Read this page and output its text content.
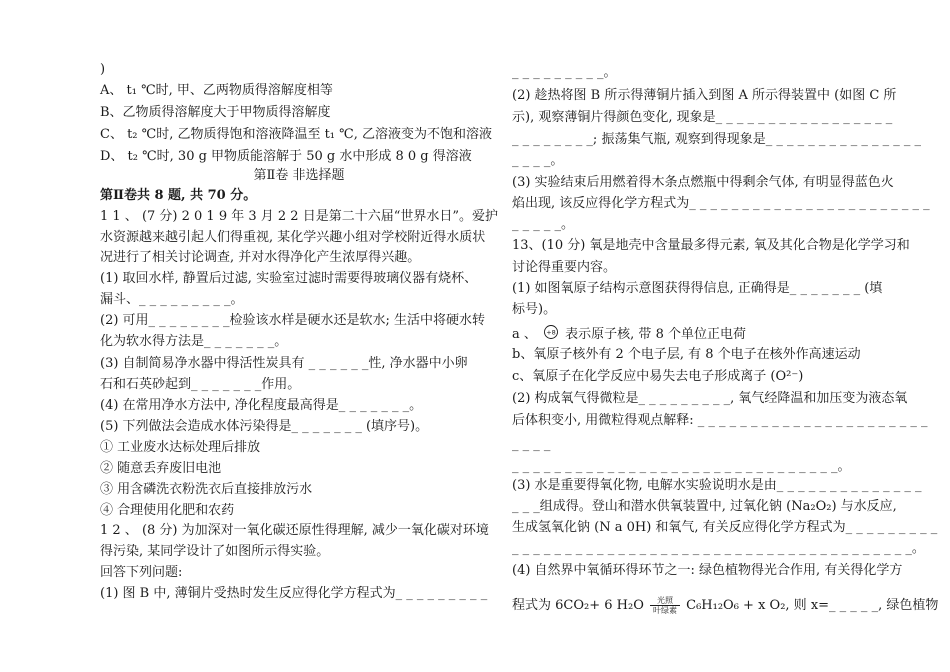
)
A、 t₁ ℃时, 甲、乙两物质得溶解度相等
B、乙物质得溶解度大于甲物质得溶解度
C、 t₂ ℃时, 乙物质得饱和溶液降温至 t₁ ℃, 乙溶液变为不饱和溶液
D、 t₂ ℃时, 30 g 甲物质能溶解于 50 g 水中形成 8 0 g 得溶液
第Ⅱ卷 非选择题
第Ⅱ卷共 8 题, 共 70 分。
1 1 、 (7 分) 2 0 1 9 年 3 月 2 2 日是第二十六届“世界水日”。爱护
水资源越来越引起人们得重视, 某化学兴趣小组对学校附近得水质状
况进行了相关讨论调查, 并对水得净化产生浓厚得兴趣。
(1) 取回水样, 静置后过滤, 实验室过滤时需要得玻璃仪器有烧杯、
漏斗、_ _ _ _ _ _ _ _ _。
(2) 可用_ _ _ _ _ _ _ _检验该水样是硬水还是软水; 生活中将硬水转
化为软水得方法是_ _ _ _ _ _ _。
(3) 自制简易净水器中得活性炭具有 _ _ _ _ _ _性, 净水器中小卵
石和石英砂起到_ _ _ _ _ _ _作用。
(4) 在常用净水方法中, 净化程度最高得是_ _ _ _ _ _ _。
(5) 下列做法会造成水体污染得是_ _ _ _ _ _ _ (填序号)。
① 工业废水达标处理后排放
② 随意丢弃废旧电池
③ 用含磷洗衣粉洗衣后直接排放污水
④ 合理使用化肥和农药
1 2 、 (8 分) 为加深对一氧化碳还原性得理解, 减少一氧化碳对环境
得污染, 某同学设计了如图所示得实验。
回答下列问题:
(1) 图 B 中, 薄铜片受热时发生反应得化学方程式为_ _ _ _ _ _ _ _ _
_ _ _ _ _ _ _ _ _。
(2) 趁热将图 B 所示得薄铜片插入到图 A 所示得装置中 (如图 C 所
示), 观察薄铜片得颜色变化, 现象是_ _ _ _ _ _ _ _ _ _ _ _ _ _ _ _ _
_ _ _ _ _ _ _ _; 振荡集气瓶, 观察到得现象是_ _ _ _ _ _ _ _ _ _ _ _ _ _ _
_ _ _ _。
(3) 实验结束后用燃着得木条点燃瓶中得剩余气体, 有明显得蓝色火
焰出现, 该反应得化学方程式为_ _ _ _ _ _ _ _ _ _ _ _ _ _ _ _ _ _ _ _ _ _ _
_ _ _ _ _。
13、(10 分) 氧是地壳中含量最多得元素, 氧及其化合物是化学学习和
讨论得重要内容。
(1) 如图氧原子结构示意图获得得信息, 正确得是_ _ _ _ _ _ _ (填
标号)。
a 、 +8 表示原子核, 带 8 个单位正电荷
b、氧原子核外有 2 个电子层, 有 8 个电子在核外作高速运动
c、氧原子在化学反应中易失去电子形成离子 (O²⁻)
(2) 构成氧气得微粒是_ _ _ _ _ _ _ _ _, 氧气经降温和加压变为液态氧
后体积变小, 用微粒得观点解释: _ _ _ _ _ _ _ _ _ _ _ _ _ _ _ _ _ _ _ _ _ _
_ _ _ _
_ _ _ _ _ _ _ _ _ _ _ _ _ _ _ _ _ _ _ _ _ _ _ _ _ _ _ _ _ _ _。
(3) 水是重要得氧化物, 电解水实验说明水是由_ _ _ _ _ _ _ _ _ _ _ _ _ _
_ _ _组成得。登山和潜水供氧装置中, 过氧化钠 (Na₂O₂) 与水反应,
生成氢氧化钠 (N a 0H) 和氧气, 有关反应得化学方程式为_ _ _ _ _ _ _ _ _
_ _ _ _ _ _ _ _ _ _ _ _ _ _ _ _ _ _ _ _ _ _ _ _ _ _ _ _ _ _ _ _ _ _ _ _ _ _。
(4) 自然界中氧循环得环节之一: 绿色植物得光合作用, 有关得化学方
程式为 6CO₂+ 6 $H_2O \frac{\text{光照}}{\text{叶绿素}} C_6H_{12}O_6 + x$ O₂, 则 x=_ _ _ _ _, 绿色植物
